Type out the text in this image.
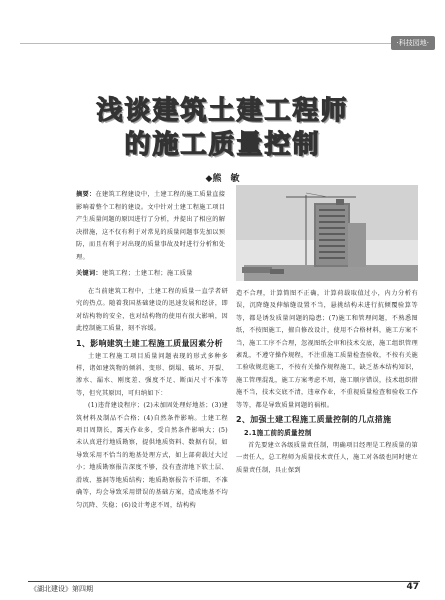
·科技园地·
浅谈建筑土建工程师
的施工质量控制
◆熊　敏
摘要：在建筑工程建设中，土建工程的施工质量直接影响着整个工程的建设。文中针对土建工程施工项目产生质量问题的原因进行了分析，并提出了相应的解决措施，这不仅有利于对常见的质量问题事先加以预防，而且有利于对出现的质量事故及时进行分析和处理。
关键词：建筑工程；土建工程；施工质量

在当前建筑工程中，土建工程的质量一直学者研究的热点。随着我国基础建设的迅速发展和经济，即对结构物的安全，也对结构物的使用有很大影响，因此控制施工质量，刻不容缓。

1、影响建筑土建工程施工质量因素分析

土建工程施工项目质量问题表现的形式多种多样，诸如建筑物的倾斜、变形、倒塌、破坏、开裂、渗水、漏水、刚度差、强度不足、断面尺寸不准等等，但究其原因，可归纳如下：

(1)违背建设程序；(2)未加固处理好地基；(3)建筑材料及制品不合格；(4)自然条件影响。土建工程项目周期长，露天作业多，受自然条件影响大；(5)未认真进行地质勘察，提供地质资料、数据有误，如导致采用不恰当的地基处理方式，如上部荷载过大过小；地质勘察报告深度不够，没有查清地下软土层、滑坡、墓洞等地质结构；地质勘察报告不详细、不准确等，均会导致采用错误的基础方案，造成地基不均匀沉降、失稳；(6)设计考虑不周，结构构

造不合理，计算简图不正确，计算荷载取值过小，内力分析有误，沉降缝及伸缩缝设置不当，悬挑结构未进行抗倾覆验算等等，都是诱发质量问题的隐患；(7)施工和管理问题，不熟悉图纸，不按图施工，擅自修改设计，使用不合格材料，施工方案不当，施工工序不合理，忽视图纸会审和技术交底，施工组织管理紊乱，不遵守操作规程，不注重施工质量检查验收，不按有关施工验收规范施工，不按有关操作规程施工，缺乏基本结构知识，施工管理混乱，施工方案考虑不周，施工顺序错误，技术组织措施不当，技术交底不清，违章作业，不重视质量检查和验收工作等等，都是导致质量问题的祸根。

2、加强土建工程施工质量控制的几点措施

2.1施工前的质量控制

首先要建立各级质量责任制，明确项目经理是工程质量的第一责任人，总工程师为质量技术责任人，施工对各级也同时建立质量责任制，具止保到

《湖北建设》第四期	47
